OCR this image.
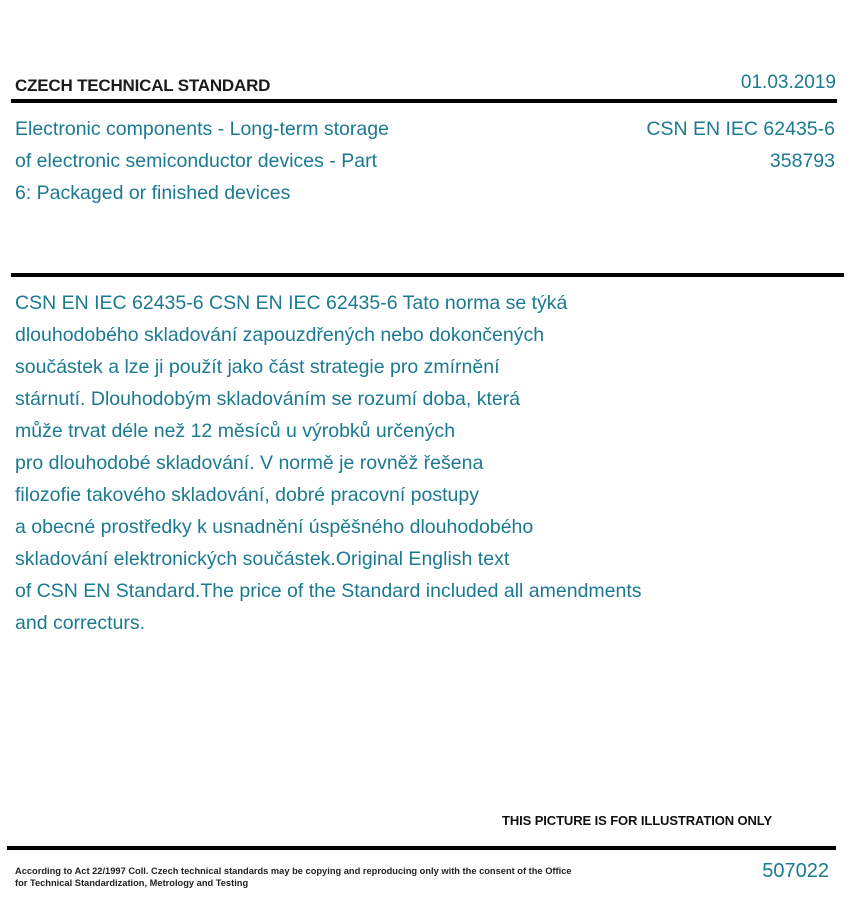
CZECH TECHNICAL STANDARD	01.03.2019
Electronic components - Long-term storage
of electronic semiconductor devices - Part
6: Packaged or finished devices
CSN EN IEC 62435-6
358793
CSN EN IEC 62435-6 CSN EN IEC 62435-6 Tato norma se týká
dlouhodobého skladování zapouzdřených nebo dokončených
součástek a lze ji použít jako část strategie pro zmírnění
stárnutí. Dlouhodobým skladováním se rozumí doba, která
může trvat déle než 12 měsíců u výrobků určených
pro dlouhodobé skladování. V normě je rovněž řešena
filozofie takového skladování, dobré pracovní postupy
a obecné prostředky k usnadnění úspěšného dlouhodobého
skladování elektronických součástek.Original English text
of CSN EN Standard.The price of the Standard included all amendments
and correcturs.
THIS PICTURE IS FOR ILLUSTRATION ONLY
According to Act 22/1997 Coll. Czech technical standards may be copying and reproducing only with the consent of the Office
for Technical Standardization, Metrology and Testing
507022
